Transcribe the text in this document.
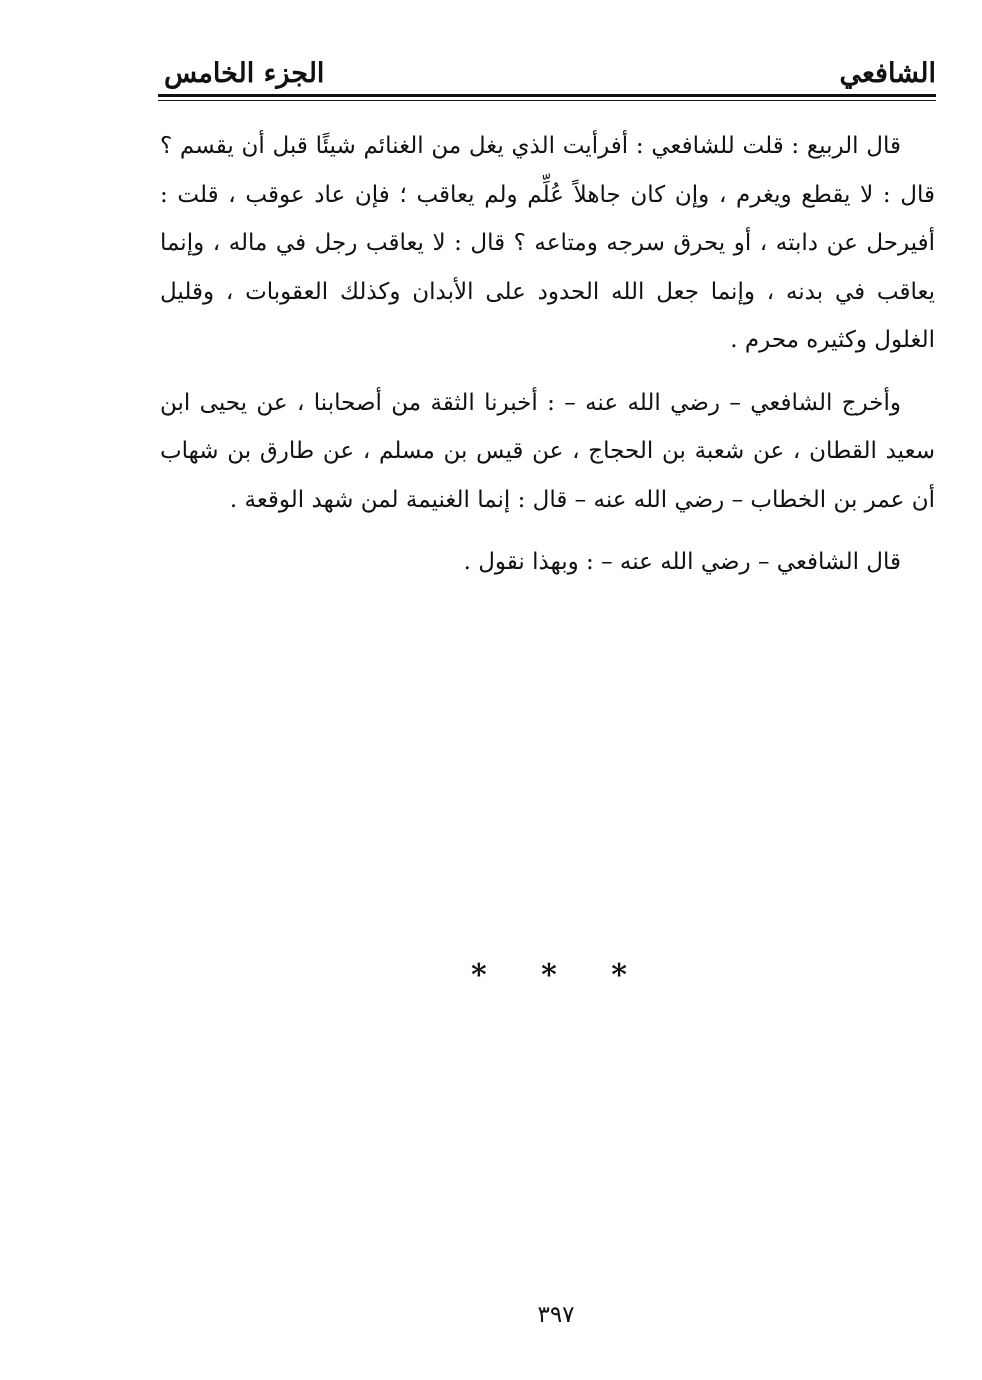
الشافعي
الجزء الخامس

قال الربيع : قلت للشافعي : أفرأيت الذي يغل من الغنائم شيئًا قبل أن يقسم ؟ قال : لا يقطع ويغرم ، وإن كان جاهلاً عُلِّم ولم يعاقب ؛ فإن عاد عوقب ، قلت : أفيرحل عن دابته ، أو يحرق سرجه ومتاعه ؟ قال : لا يعاقب رجل في ماله ، وإنما يعاقب في بدنه ، وإنما جعل الله الحدود على الأبدان وكذلك العقوبات ، وقليل الغلول وكثيره محرم .

وأخرج الشافعي – رضي الله عنه – : أخبرنا الثقة من أصحابنا ، عن يحيى ابن سعيد القطان ، عن شعبة بن الحجاج ، عن قيس بن مسلم ، عن طارق بن شهاب أن عمر بن الخطاب – رضي الله عنه – قال : إنما الغنيمة لمن شهد الوقعة .

قال الشافعي – رضي الله عنه – : وبهذا نقول .

* * *
٣٩٧
